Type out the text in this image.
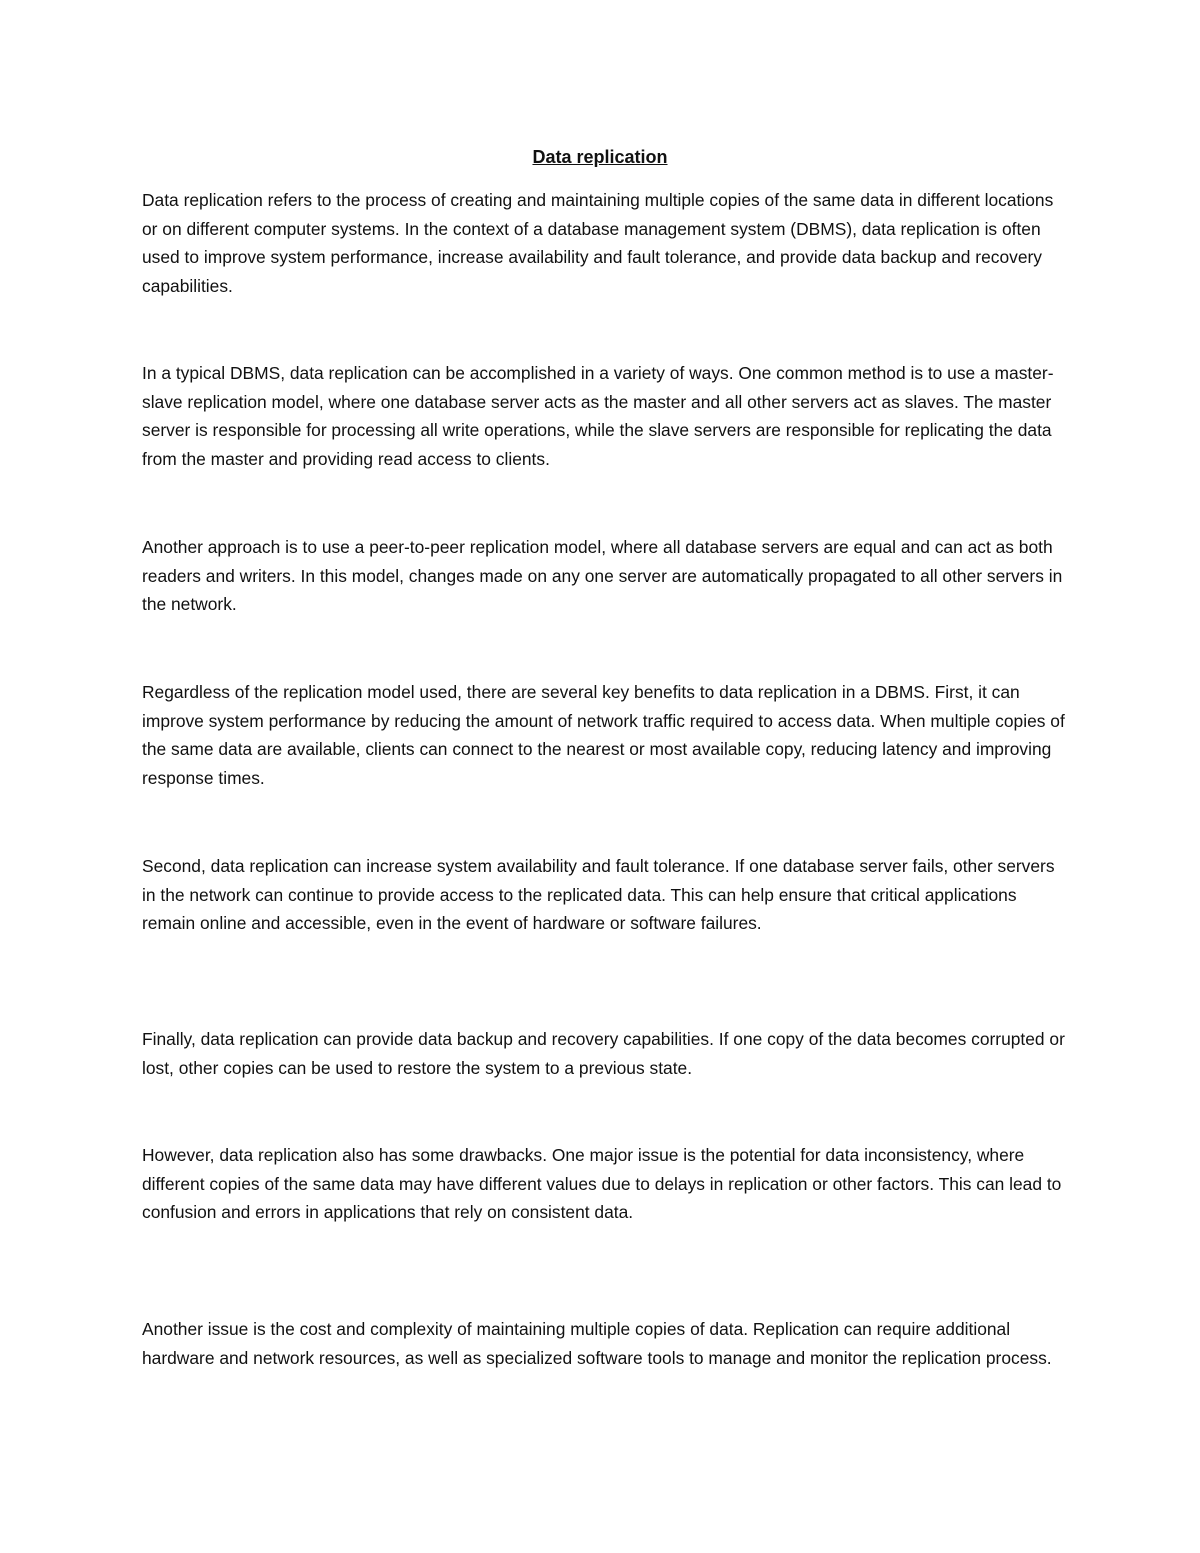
Data replication

Data replication refers to the process of creating and maintaining multiple copies of the same data in different locations or on different computer systems. In the context of a database management system (DBMS), data replication is often used to improve system performance, increase availability and fault tolerance, and provide data backup and recovery capabilities.

In a typical DBMS, data replication can be accomplished in a variety of ways. One common method is to use a master-slave replication model, where one database server acts as the master and all other servers act as slaves. The master server is responsible for processing all write operations, while the slave servers are responsible for replicating the data from the master and providing read access to clients.

Another approach is to use a peer-to-peer replication model, where all database servers are equal and can act as both readers and writers. In this model, changes made on any one server are automatically propagated to all other servers in the network.

Regardless of the replication model used, there are several key benefits to data replication in a DBMS. First, it can improve system performance by reducing the amount of network traffic required to access data. When multiple copies of the same data are available, clients can connect to the nearest or most available copy, reducing latency and improving response times.

Second, data replication can increase system availability and fault tolerance. If one database server fails, other servers in the network can continue to provide access to the replicated data. This can help ensure that critical applications remain online and accessible, even in the event of hardware or software failures.

Finally, data replication can provide data backup and recovery capabilities. If one copy of the data becomes corrupted or lost, other copies can be used to restore the system to a previous state.

However, data replication also has some drawbacks. One major issue is the potential for data inconsistency, where different copies of the same data may have different values due to delays in replication or other factors. This can lead to confusion and errors in applications that rely on consistent data.

Another issue is the cost and complexity of maintaining multiple copies of data. Replication can require additional hardware and network resources, as well as specialized software tools to manage and monitor the replication process.
